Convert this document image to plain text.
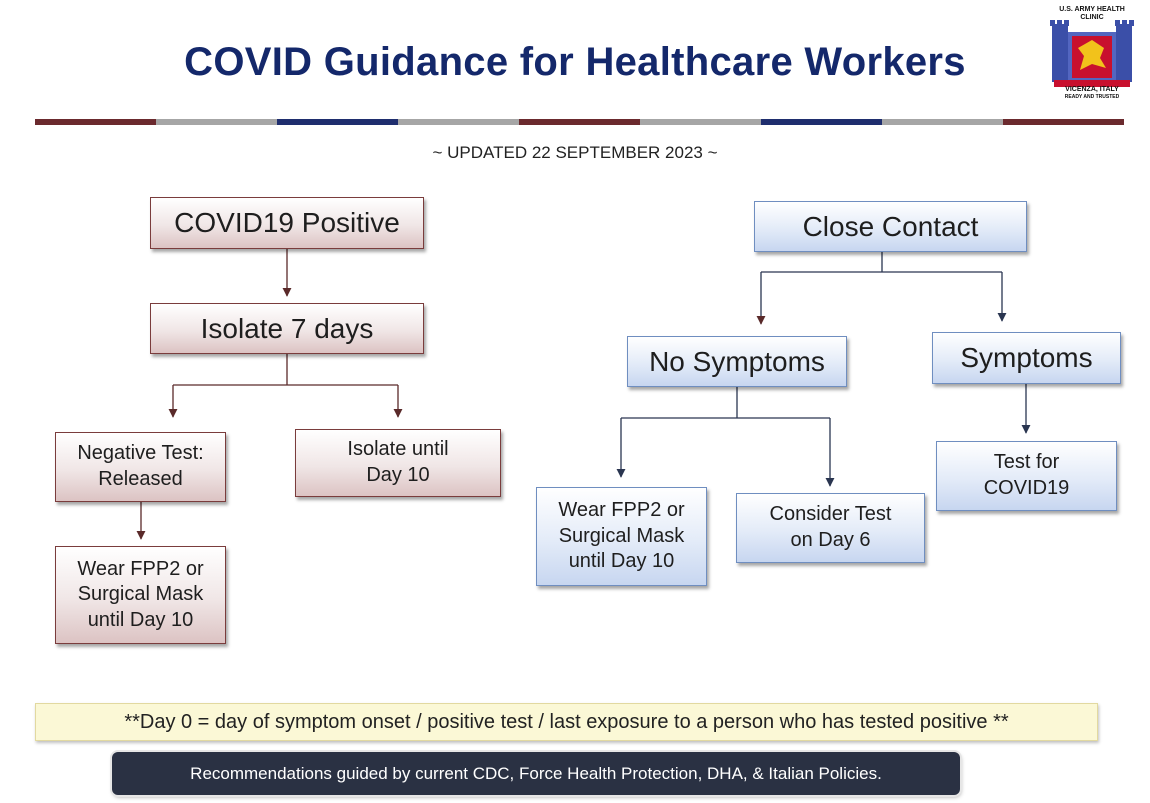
COVID Guidance for Healthcare Workers
U.S. ARMY HEALTH
CLINIC
VICENZA, ITALY
READY AND TRUSTED
~ UPDATED 22 SEPTEMBER 2023 ~
COVID19 Positive
Isolate 7 days
Negative Test:
Released
Isolate until
Day 10
Wear FPP2 or
Surgical Mask
until Day 10
Close Contact
No Symptoms	Symptoms
Wear FPP2 or
Surgical Mask
until Day 10
Consider Test
on Day 6
Test for
COVID19
**Day 0 = day of symptom onset / positive test / last exposure to a person who has tested positive **
Recommendations guided by current CDC, Force Health Protection, DHA, & Italian Policies.
